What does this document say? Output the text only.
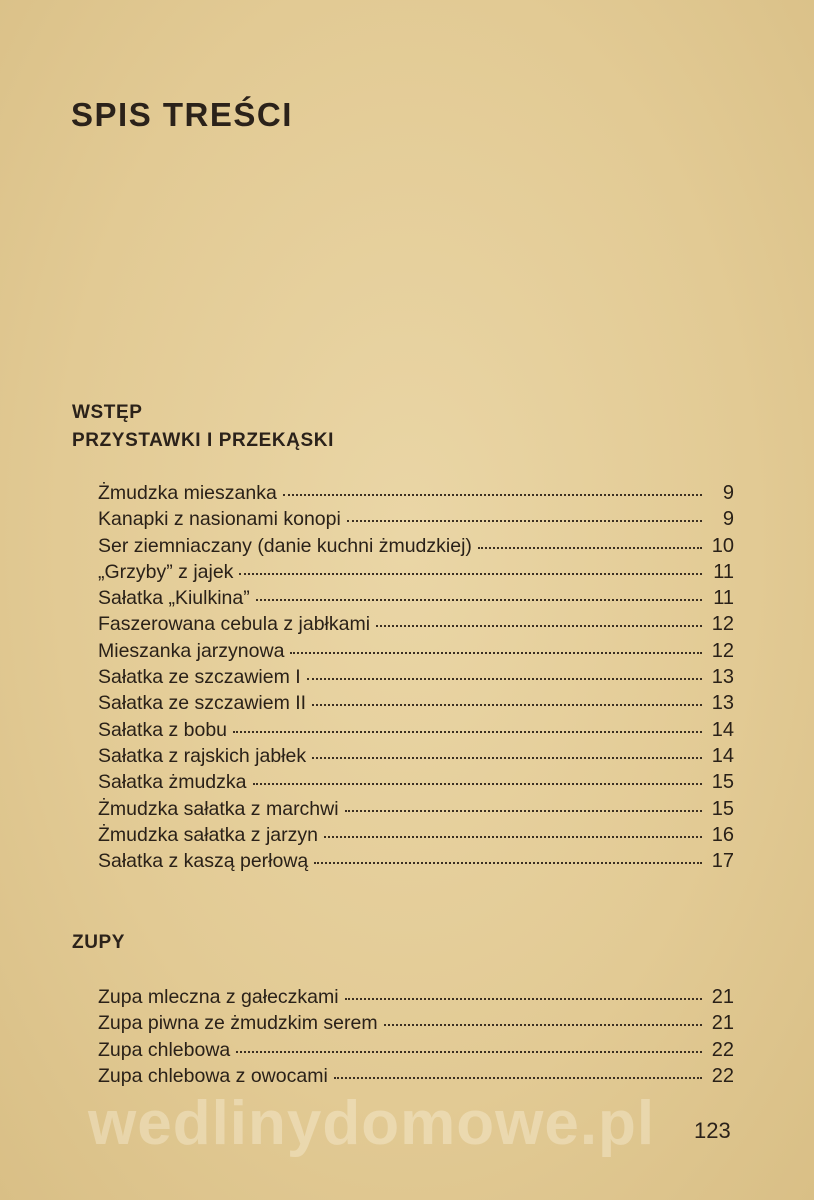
SPIS TREŚCI
WSTĘP
PRZYSTAWKI I PRZEKĄSKI
Żmudzka mieszanka	9
Kanapki z nasionami konopi	9
Ser ziemniaczany (danie kuchni żmudzkiej)	10
„Grzyby” z jajek	11
Sałatka „Kiulkina”	11
Faszerowana cebula z jabłkami	12
Mieszanka jarzynowa	12
Sałatka ze szczawiem I	13
Sałatka ze szczawiem II	13
Sałatka z bobu	14
Sałatka z rajskich jabłek	14
Sałatka żmudzka	15
Żmudzka sałatka z marchwi	15
Żmudzka sałatka z jarzyn	16
Sałatka z kaszą perłową	17
ZUPY
Zupa mleczna z gałeczkami	21
Zupa piwna ze żmudzkim serem	21
Zupa chlebowa	22
Zupa chlebowa z owocami	22
wedlinydomowe.pl 123
